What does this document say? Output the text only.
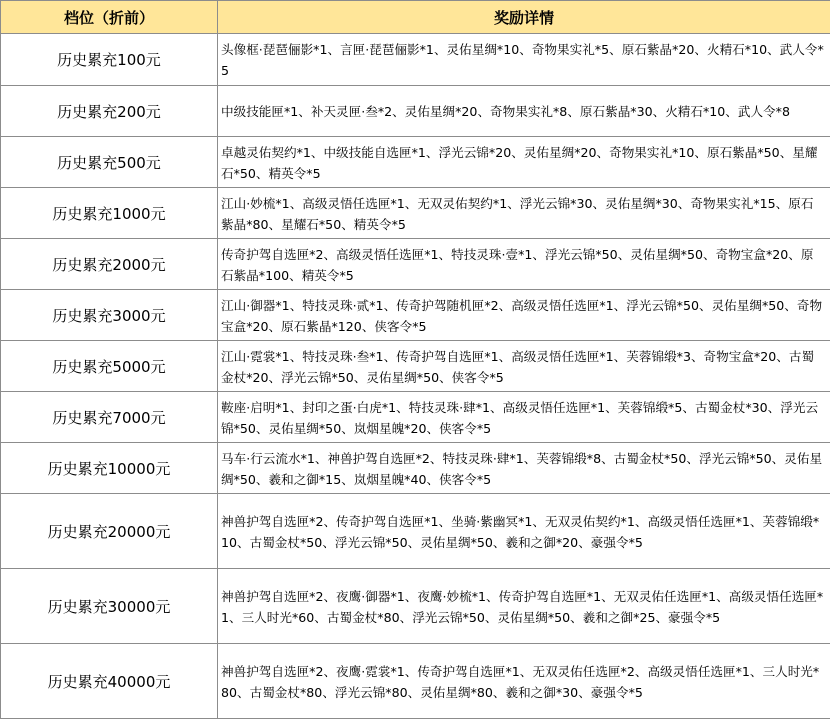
档位（折前）	奖励详情
历史累充100元	头像框·琵琶俪影*1、言匣·琵琶俪影*1、灵佑星绸*10、奇物果实礼*5、原石紫晶*20、火精石*10、武人令*5
历史累充200元	中级技能匣*1、补天灵匣·叁*2、灵佑星绸*20、奇物果实礼*8、原石紫晶*30、火精石*10、武人令*8
历史累充500元	卓越灵佑契约*1、中级技能自选匣*1、浮光云锦*20、灵佑星绸*20、奇物果实礼*10、原石紫晶*50、星耀石*50、精英令*5
历史累充1000元	江山·妙梳*1、高级灵悟任选匣*1、无双灵佑契约*1、浮光云锦*30、灵佑星绸*30、奇物果实礼*15、原石紫晶*80、星耀石*50、精英令*5
历史累充2000元	传奇护驾自选匣*2、高级灵悟任选匣*1、特技灵珠·壹*1、浮光云锦*50、灵佑星绸*50、奇物宝盒*20、原石紫晶*100、精英令*5
历史累充3000元	江山·御器*1、特技灵珠·贰*1、传奇护驾随机匣*2、高级灵悟任选匣*1、浮光云锦*50、灵佑星绸*50、奇物宝盒*20、原石紫晶*120、侠客令*5
历史累充5000元	江山·霓裳*1、特技灵珠·叁*1、传奇护驾自选匣*1、高级灵悟任选匣*1、芙蓉锦缎*3、奇物宝盒*20、古蜀金杖*20、浮光云锦*50、灵佑星绸*50、侠客令*5
历史累充7000元	鞍座·启明*1、封印之蛋·白虎*1、特技灵珠·肆*1、高级灵悟任选匣*1、芙蓉锦缎*5、古蜀金杖*30、浮光云锦*50、灵佑星绸*50、岚烟星魄*20、侠客令*5
历史累充10000元	马车·行云流水*1、神兽护驾自选匣*2、特技灵珠·肆*1、芙蓉锦缎*8、古蜀金杖*50、浮光云锦*50、灵佑星绸*50、羲和之御*15、岚烟星魄*40、侠客令*5
历史累充20000元	神兽护驾自选匣*2、传奇护驾自选匣*1、坐骑·紫幽冥*1、无双灵佑契约*1、高级灵悟任选匣*1、芙蓉锦缎*10、古蜀金杖*50、浮光云锦*50、灵佑星绸*50、羲和之御*20、豪强令*5
历史累充30000元	神兽护驾自选匣*2、夜鹰·御器*1、夜鹰·妙梳*1、传奇护驾自选匣*1、无双灵佑任选匣*1、高级灵悟任选匣*1、三人时光*60、古蜀金杖*80、浮光云锦*50、灵佑星绸*50、羲和之御*25、豪强令*5
历史累充40000元	神兽护驾自选匣*2、夜鹰·霓裳*1、传奇护驾自选匣*1、无双灵佑任选匣*2、高级灵悟任选匣*1、三人时光*80、古蜀金杖*80、浮光云锦*80、灵佑星绸*80、羲和之御*30、豪强令*5
